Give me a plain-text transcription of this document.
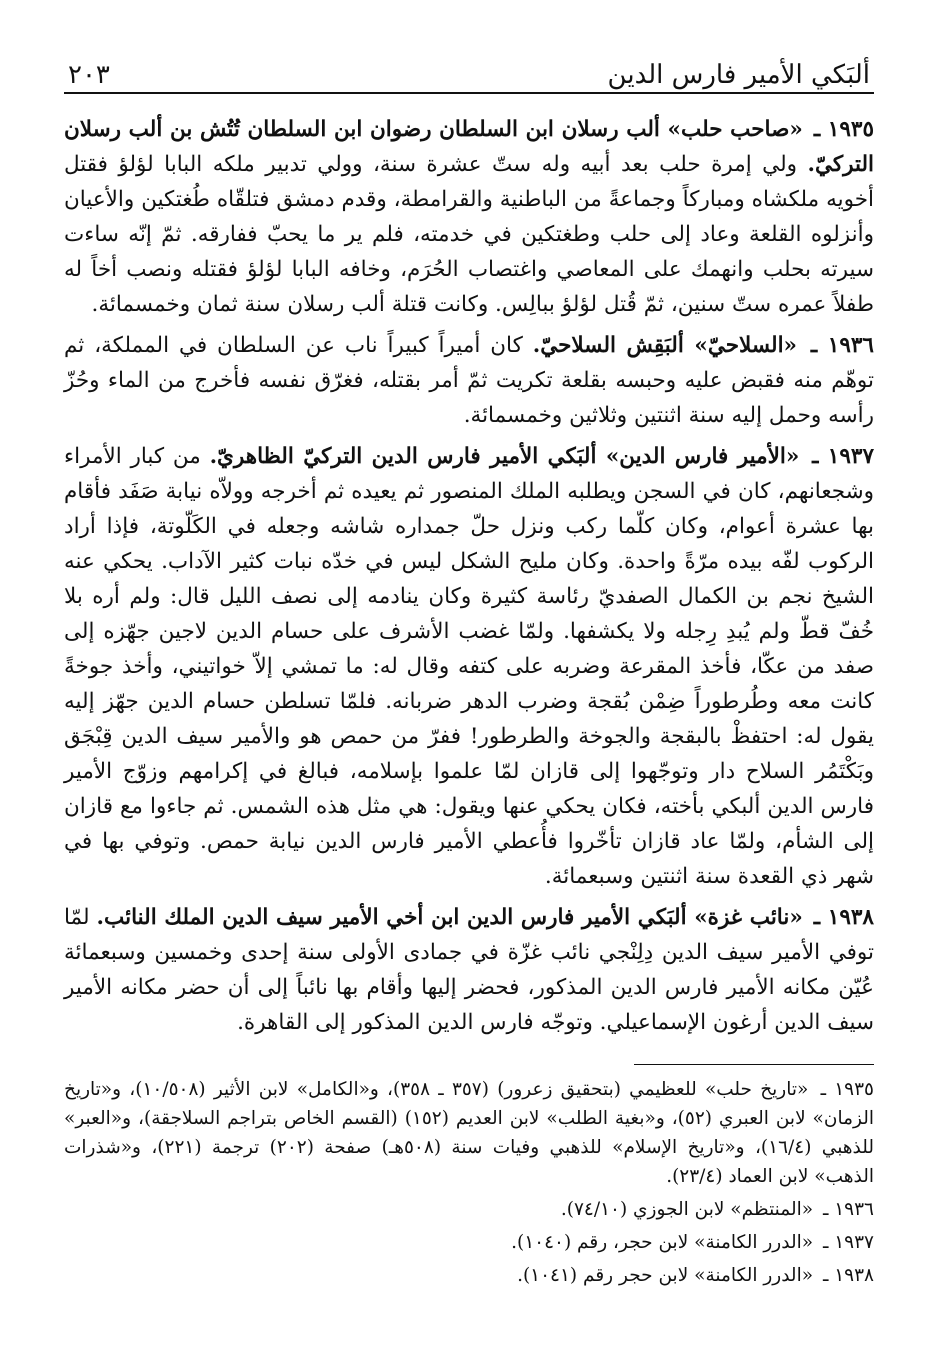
ألبَكي الأمير فارس الدين
٢٠٣

١٩٣٥ ـ «صاحب حلب» ألب رسلان ابن السلطان رضوان ابن السلطان تُتُش بن ألب رسلان التركيّ. ولي إمرة حلب بعد أبيه وله ستّ عشرة سنة، وولي تدبير ملكه البابا لؤلؤ فقتل أخويه ملكشاه ومباركاً وجماعةً من الباطنية والقرامطة، وقدم دمشق فتلقّاه طُغتكين والأعيان وأنزلوه القلعة وعاد إلى حلب وطغتكين في خدمته، فلم ير ما يحبّ ففارقه. ثمّ إنّه ساءت سيرته بحلب وانهمك على المعاصي واغتصاب الحُرَم، وخافه البابا لؤلؤ فقتله ونصب أخاً له طفلاً عمره ستّ سنين، ثمّ قُتل لؤلؤ ببالِس. وكانت قتلة ألب رسلان سنة ثمان وخمسمائة.

١٩٣٦ ـ «السلاحيّ» ألبَقِش السلاحيّ. كان أميراً كبيراً ناب عن السلطان في المملكة، ثم توهّم منه فقبض عليه وحبسه بقلعة تكريت ثمّ أمر بقتله، فغرّق نفسه فأخرج من الماء وحُزّ رأسه وحمل إليه سنة اثنتين وثلاثين وخمسمائة.

١٩٣٧ ـ «الأمير فارس الدين» ألبَكي الأمير فارس الدين التركيّ الظاهريّ. من كبار الأمراء وشجعانهم، كان في السجن ويطلبه الملك المنصور ثم يعيده ثم أخرجه وولاّه نيابة صَفَد فأقام بها عشرة أعوام، وكان كلّما ركب ونزل حلّ جمداره شاشه وجعله في الكَلّوتة، فإذا أراد الركوب لفّه بيده مرّةً واحدة. وكان مليح الشكل ليس في خدّه نبات كثير الآداب. يحكي عنه الشيخ نجم بن الكمال الصفديّ رئاسة كثيرة وكان ينادمه إلى نصف الليل قال: ولم أره بلا خُفّ قطّ ولم يُبدِ رِجله ولا يكشفها. ولمّا غضب الأشرف على حسام الدين لاجين جهّزه إلى صفد من عكّا، فأخذ المقرعة وضربه على كتفه وقال له: ما تمشي إلاّ خواتيني، وأخذ جوخةً كانت معه وطُرطوراً ضِمْن بُقجة وضرب الدهر ضربانه. فلمّا تسلطن حسام الدين جهّز إليه يقول له: احتفظْ بالبقجة والجوخة والطرطور! ففرّ من حمص هو والأمير سيف الدين قِبْجَق وبَكْتَمُر السلاح دار وتوجّهوا إلى قازان لمّا علموا بإسلامه، فبالغ في إكرامهم وزوّج الأمير فارس الدين ألبكي بأخته، فكان يحكي عنها ويقول: هي مثل هذه الشمس. ثم جاءوا مع قازان إلى الشأم، ولمّا عاد قازان تأخّروا فأُعطي الأمير فارس الدين نيابة حمص. وتوفي بها في شهر ذي القعدة سنة اثنتين وسبعمائة.

١٩٣٨ ـ «نائب غزة» ألبَكي الأمير فارس الدين ابن أخي الأمير سيف الدين الملك النائب. لمّا توفي الأمير سيف الدين دِلِنْجي نائب غزّة في جمادى الأولى سنة إحدى وخمسين وسبعمائة عُيّن مكانه الأمير فارس الدين المذكور، فحضر إليها وأقام بها نائباً إلى أن حضر مكانه الأمير سيف الدين أرغون الإسماعيلي. وتوجّه فارس الدين المذكور إلى القاهرة.

١٩٣٥ ـ «تاريخ حلب» للعظيمي (بتحقيق زعرور) (٣٥٧ ـ ٣٥٨)، و«الكامل» لابن الأثير (١٠/٥٠٨)، و«تاريخ الزمان» لابن العبري (٥٢)، و«بغية الطلب» لابن العديم (١٥٢) (القسم الخاص بتراجم السلاجقة)، و«العبر» للذهبي (١٦/٤)، و«تاريخ الإسلام» للذهبي وفيات سنة (٥٠٨هـ) صفحة (٢٠٢) ترجمة (٢٢١)، و«شذرات الذهب» لابن العماد (٢٣/٤).

١٩٣٦ ـ «المنتظم» لابن الجوزي (٧٤/١٠).

١٩٣٧ ـ «الدرر الكامنة» لابن حجر، رقم (١٠٤٠).

١٩٣٨ ـ «الدرر الكامنة» لابن حجر رقم (١٠٤١).
